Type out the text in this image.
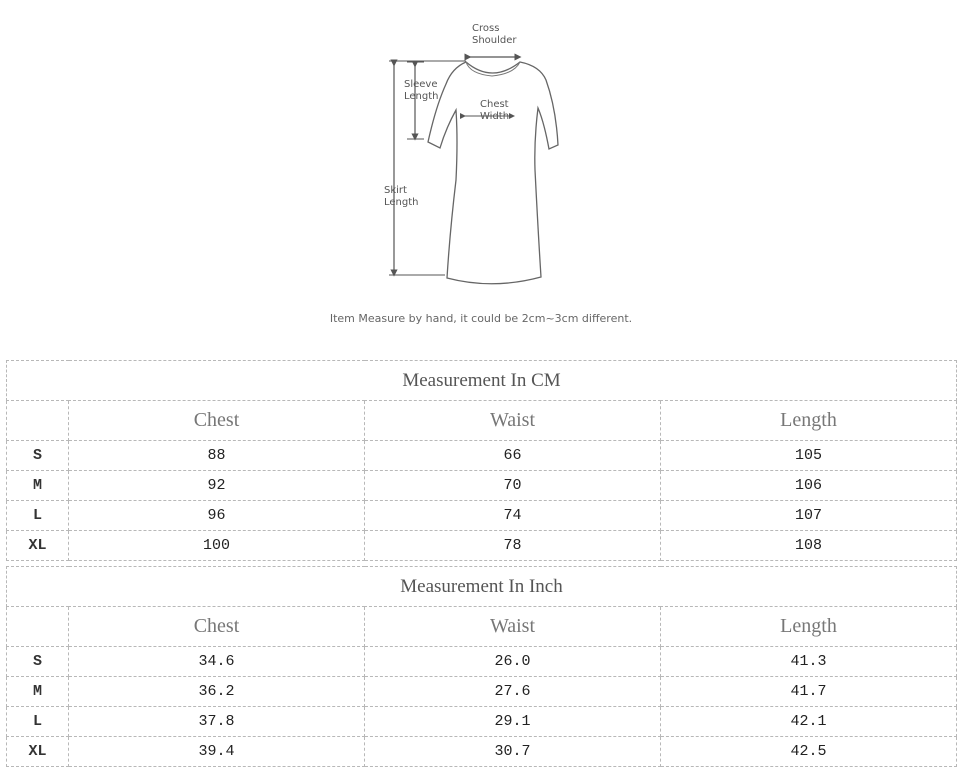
Cross
Shoulder
Sleeve
Length
Chest
Width
Skirt
Length
Item Measure by hand, it could be 2cm~3cm different.
Measurement In CM			
	Chest	Waist	Length
S	88	66	105
M	92	70	106
L	96	74	107
XL	100	78	108
Measurement In Inch			
	Chest	Waist	Length
S	34.6	26.0	41.3
M	36.2	27.6	41.7
L	37.8	29.1	42.1
XL	39.4	30.7	42.5
